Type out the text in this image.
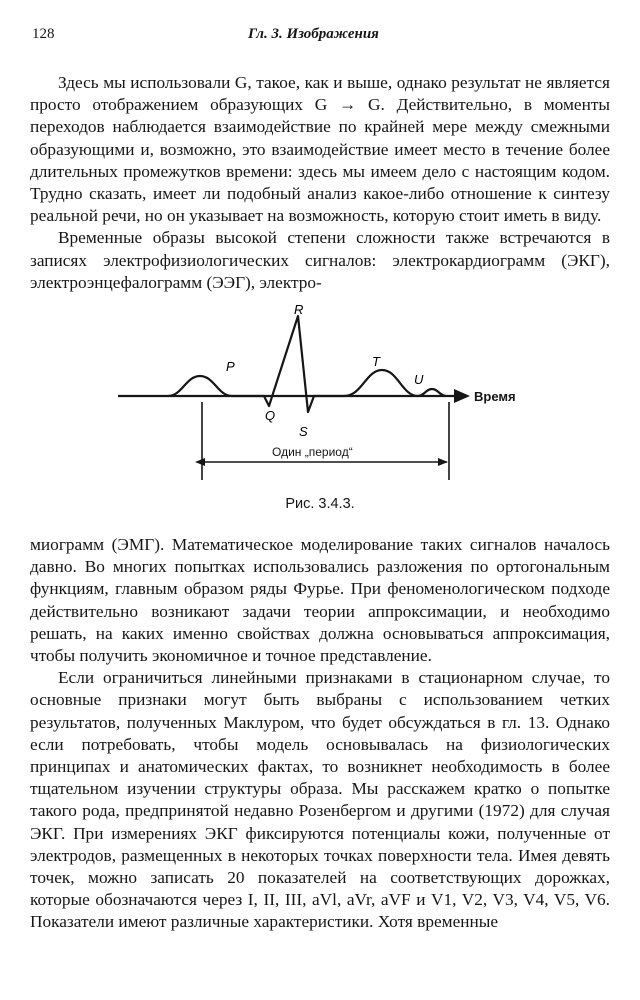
128	Гл. 3. Изображения

Здесь мы использовали G, такое, как и выше, однако результат не является просто отображением образующих G → G. Действительно, в моменты переходов наблюдается взаимодействие по крайней мере между смежными образующими и, возможно, это взаимодействие имеет место в течение более длительных промежутков времени: здесь мы имеем дело с настоящим кодом. Трудно сказать, имеет ли подобный анализ какое-либо отношение к синтезу реальной речи, но он указывает на возможность, которую стоит иметь в виду.

Временные образы высокой степени сложности также встречаются в записях электрофизиологических сигналов: электрокардиограмм (ЭКГ), электроэнцефалограмм (ЭЭГ), электро-

P
Q
R
S
T
U
Время
Один „период“
Рис. 3.4.3.

миограмм (ЭМГ). Математическое моделирование таких сигналов началось давно. Во многих попытках использовались разложения по ортогональным функциям, главным образом ряды Фурье. При феноменологическом подходе действительно возникают задачи теории аппроксимации, и необходимо решать, на каких именно свойствах должна основываться аппроксимация, чтобы получить экономичное и точное представление.

Если ограничиться линейными признаками в стационарном случае, то основные признаки могут быть выбраны с использованием четких результатов, полученных Маклуром, что будет обсуждаться в гл. 13. Однако если потребовать, чтобы модель основывалась на физиологических принципах и анатомических фактах, то возникнет необходимость в более тщательном изучении структуры образа. Мы расскажем кратко о попытке такого рода, предпринятой недавно Розенбергом и другими (1972) для случая ЭКГ. При измерениях ЭКГ фиксируются потенциалы кожи, полученные от электродов, размещенных в некоторых точках поверхности тела. Имея девять точек, можно записать 20 показателей на соответствующих дорожках, которые обозначаются через I, II, III, aVl, aVr, aVF и V1, V2, V3, V4, V5, V6. Показатели имеют различные характеристики. Хотя временные
